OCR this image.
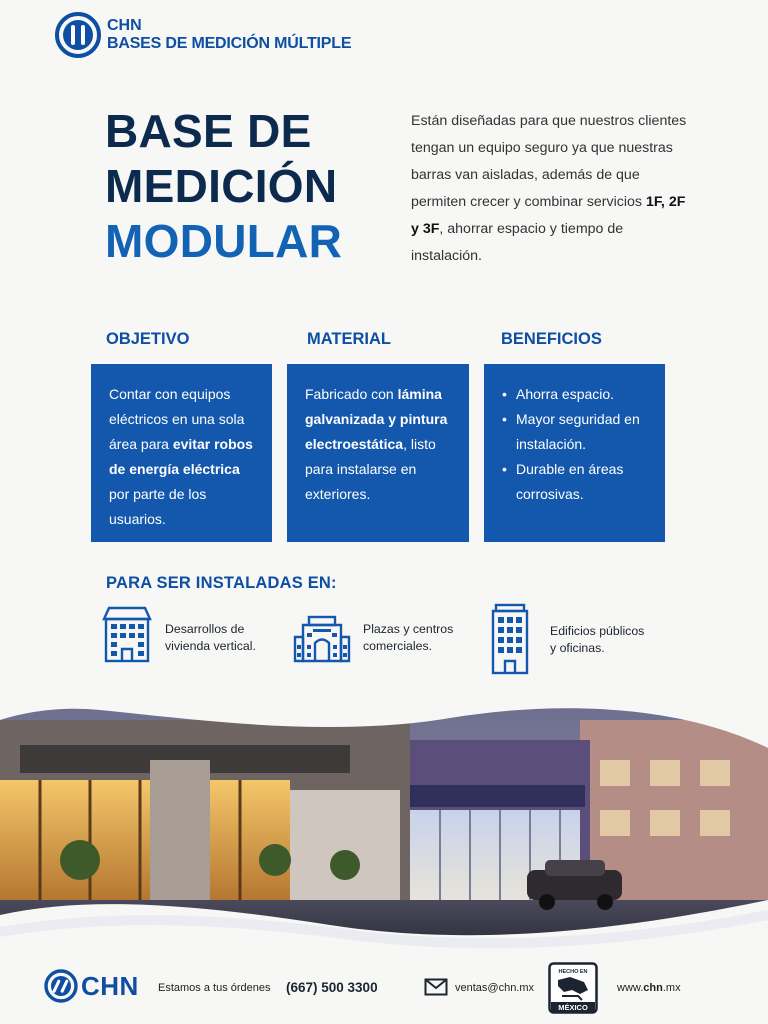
CHN
BASES DE MEDICIÓN MÚLTIPLE
BASE DE
MEDICIÓN
MODULAR

Están diseñadas para que nuestros clientes tengan un equipo seguro ya que nuestras barras van aisladas, además de que permiten crecer y combinar servicios 1F, 2F y 3F, ahorrar espacio y tiempo de instalación.

OBJETIVO	MATERIAL	BENEFICIOS
Contar con equipos eléctricos en una sola área para evitar robos de energía eléctrica por parte de los usuarios.
Fabricado con lámina galvanizada y pintura electroestática, listo para instalarse en exteriores.
• Ahorra espacio.
• Mayor seguridad en instalación.
• Durable en áreas corrosivas.
PARA SER INSTALADAS EN:
Desarrollos de
vivienda vertical.
Plazas y centros
comerciales.
Edificios públicos
y oficinas.
CHN Estamos a tus órdenes (667) 500 3300	ventas@chn.mx
HECHO EN
MÉXICO
www.chn.mx
